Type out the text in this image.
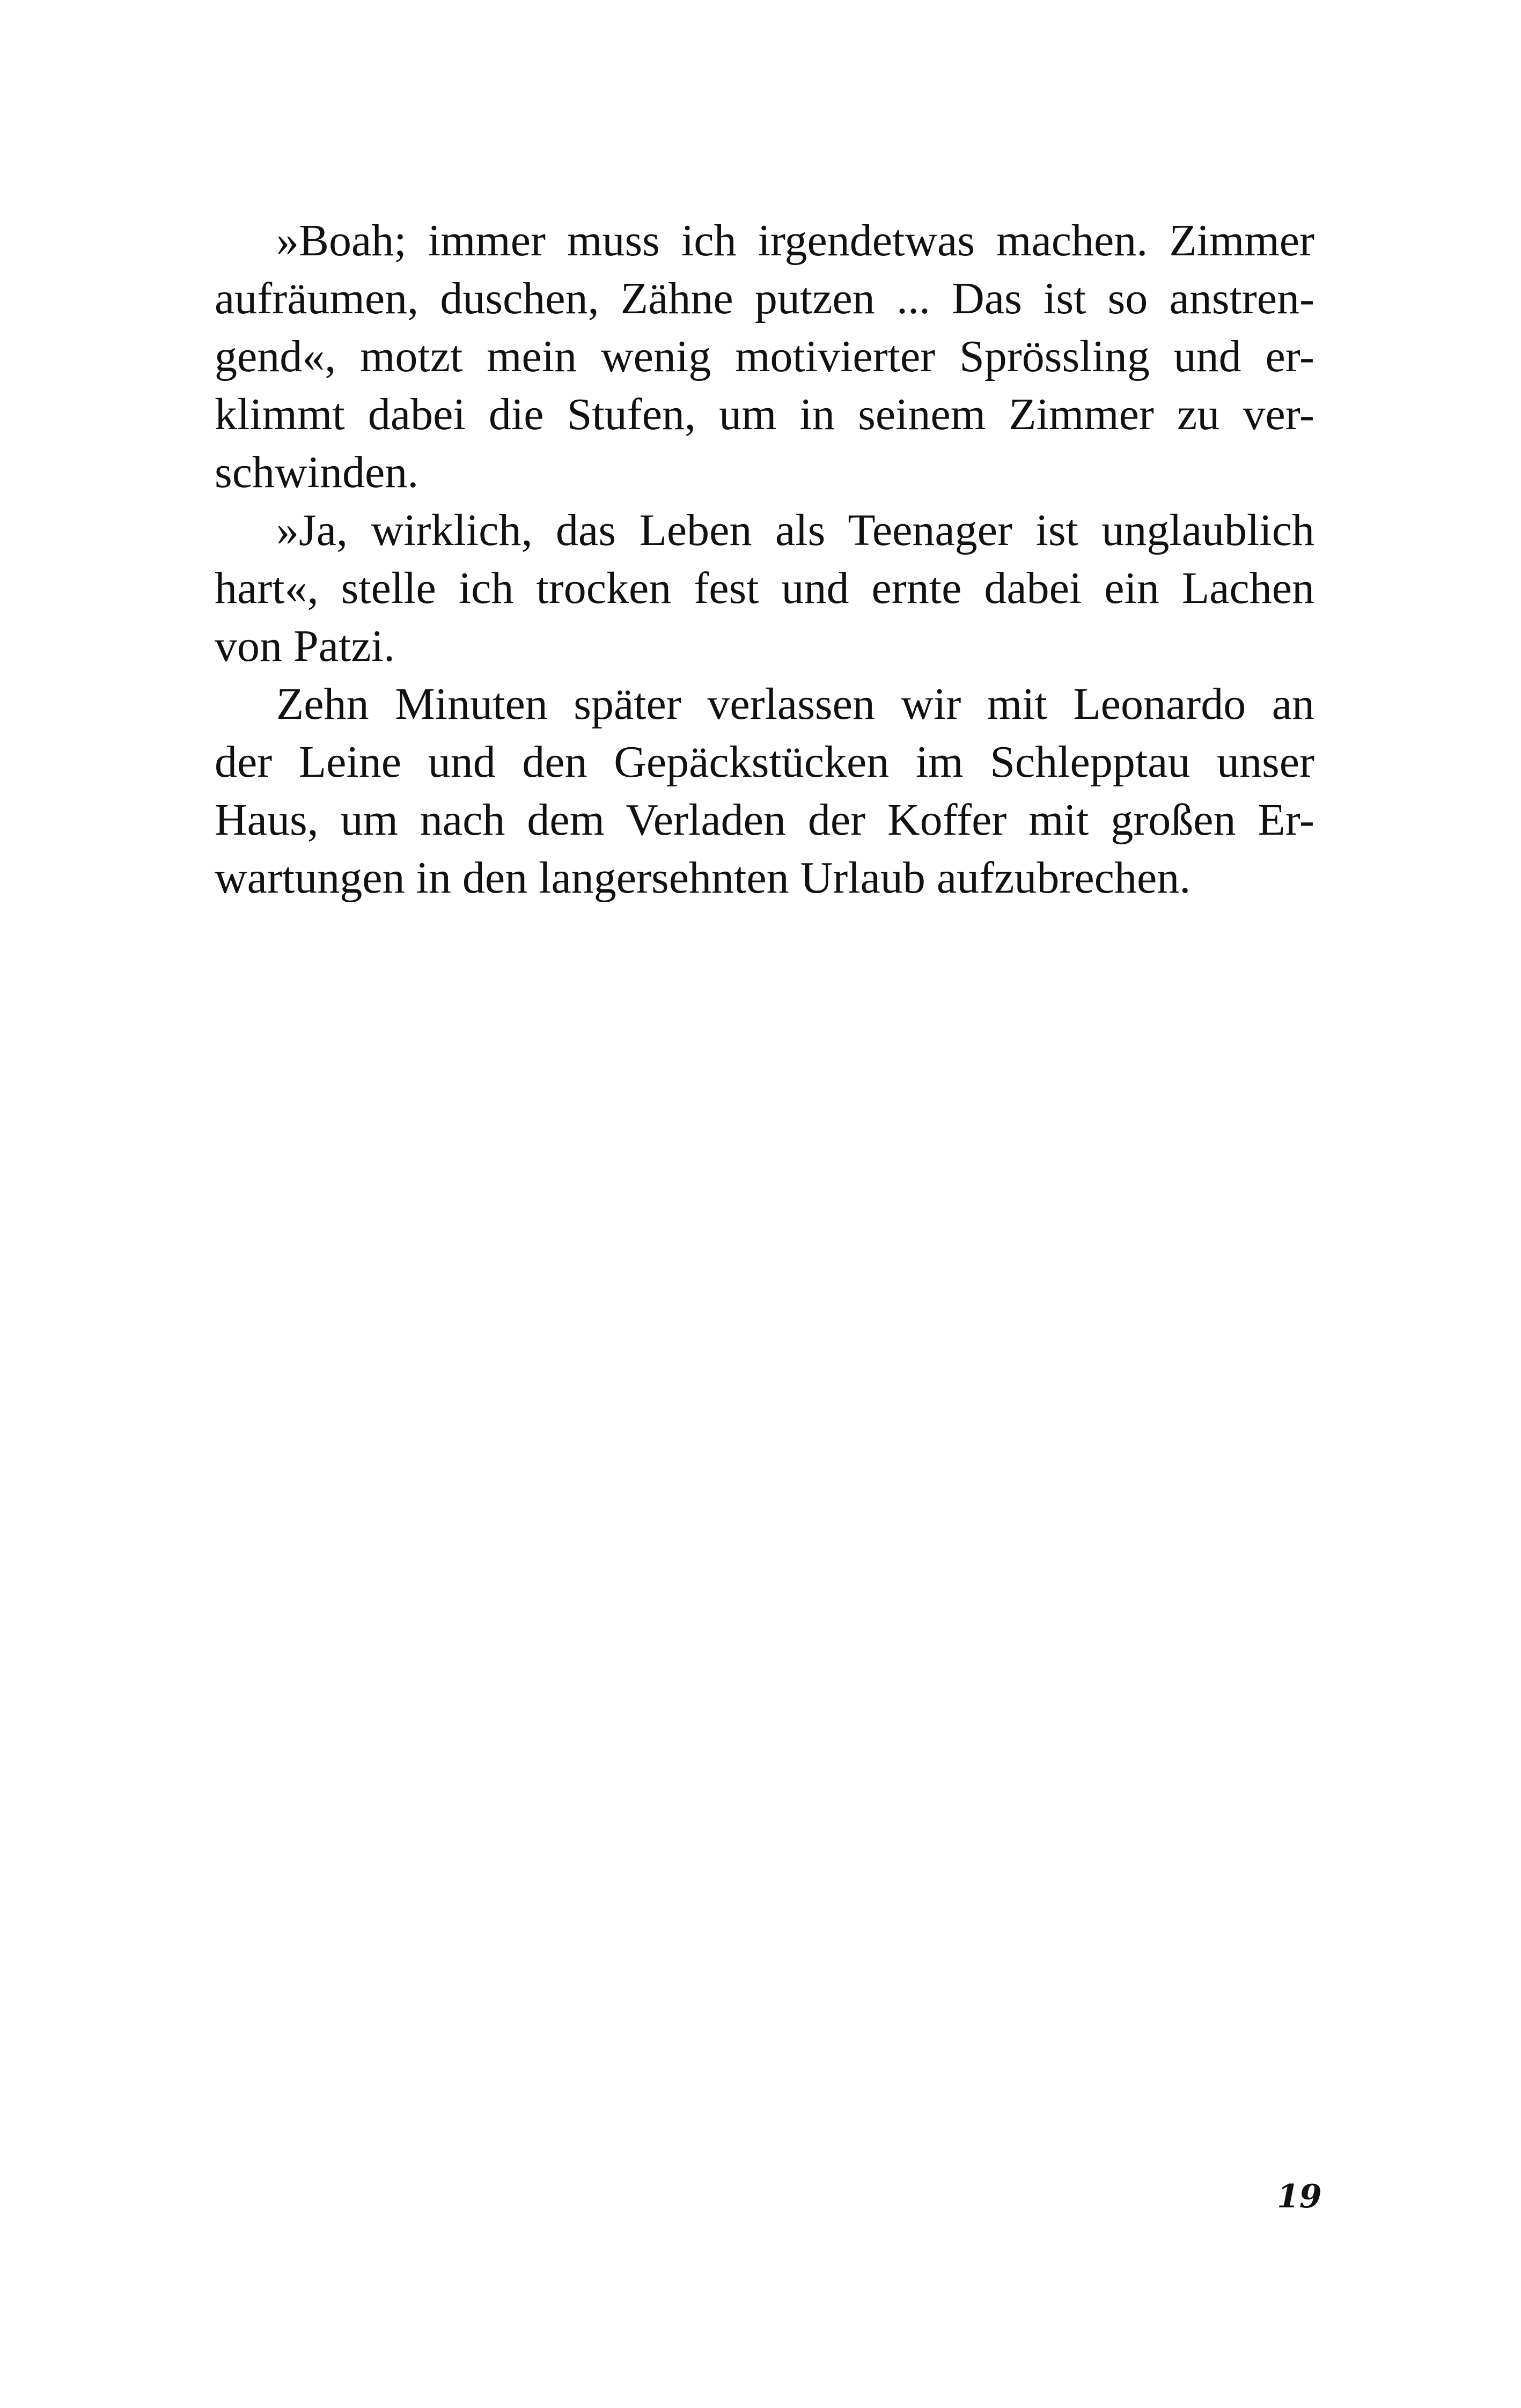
»Boah; immer muss ich irgendetwas machen. Zimmer
aufräumen, duschen, Zähne putzen ... Das ist so anstren-
gend«, motzt mein wenig motivierter Sprössling und er-
klimmt dabei die Stufen, um in seinem Zimmer zu ver-
schwinden.
»Ja, wirklich, das Leben als Teenager ist unglaublich
hart«, stelle ich trocken fest und ernte dabei ein Lachen
von Patzi.
Zehn Minuten später verlassen wir mit Leonardo an
der Leine und den Gepäckstücken im Schlepptau unser
Haus, um nach dem Verladen der Koffer mit großen Er-
wartungen in den langersehnten Urlaub aufzubrechen.
19
